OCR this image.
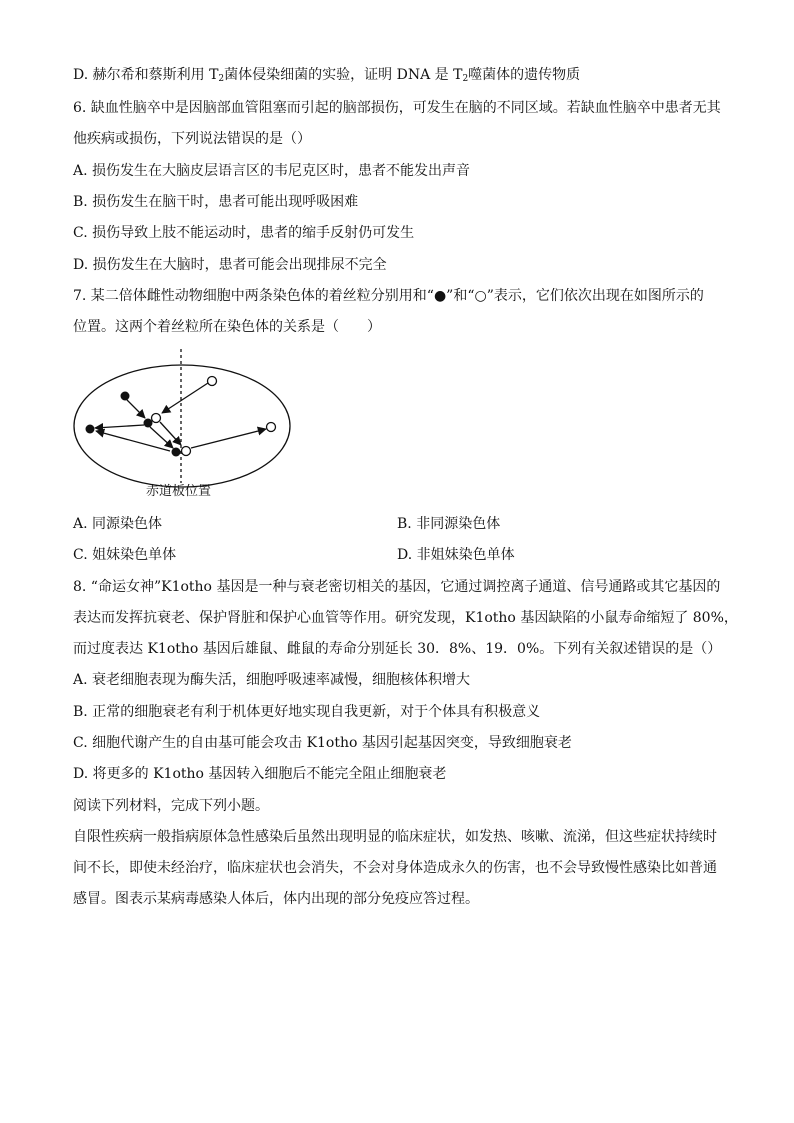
D. 赫尔希和蔡斯利用 $T_2$菌体侵染细菌的实验，证明 DNA 是 $T_2$噬菌体的遗传物质

6. 缺血性脑卒中是因脑部血管阻塞而引起的脑部损伤，可发生在脑的不同区域。若缺血性脑卒中患者无其

他疾病或损伤，下列说法错误的是（）

A. 损伤发生在大脑皮层语言区的韦尼克区时，患者不能发出声音

B. 损伤发生在脑干时，患者可能出现呼吸困难

C. 损伤导致上肢不能运动时，患者的缩手反射仍可发生

D. 损伤发生在大脑时，患者可能会出现排尿不完全

7. 某二倍体雌性动物细胞中两条染色体的着丝粒分别用和“●”和“○”表示，它们依次出现在如图所示的

位置。这两个着丝粒所在染色体的关系是（　　）

赤道板位置

A. 同源染色体	B. 非同源染色体

C. 姐妹染色单体	D. 非姐妹染色单体

8. “命运女神”K1otho 基因是一种与衰老密切相关的基因，它通过调控离子通道、信号通路或其它基因的

表达而发挥抗衰老、保护肾脏和保护心血管等作用。研究发现，K1otho 基因缺陷的小鼠寿命缩短了 80%，

而过度表达 K1otho 基因后雄鼠、雌鼠的寿命分别延长 30．8%、19．0%。下列有关叙述错误的是（）

A. 衰老细胞表现为酶失活，细胞呼吸速率减慢，细胞核体积增大

B. 正常的细胞衰老有利于机体更好地实现自我更新，对于个体具有积极意义

C. 细胞代谢产生的自由基可能会攻击 K1otho 基因引起基因突变，导致细胞衰老

D. 将更多的 K1otho 基因转入细胞后不能完全阻止细胞衰老

阅读下列材料，完成下列小题。

自限性疾病一般指病原体急性感染后虽然出现明显的临床症状，如发热、咳嗽、流涕，但这些症状持续时

间不长，即使未经治疗，临床症状也会消失，不会对身体造成永久的伤害，也不会导致慢性感染比如普通

感冒。图表示某病毒感染人体后，体内出现的部分免疫应答过程。
